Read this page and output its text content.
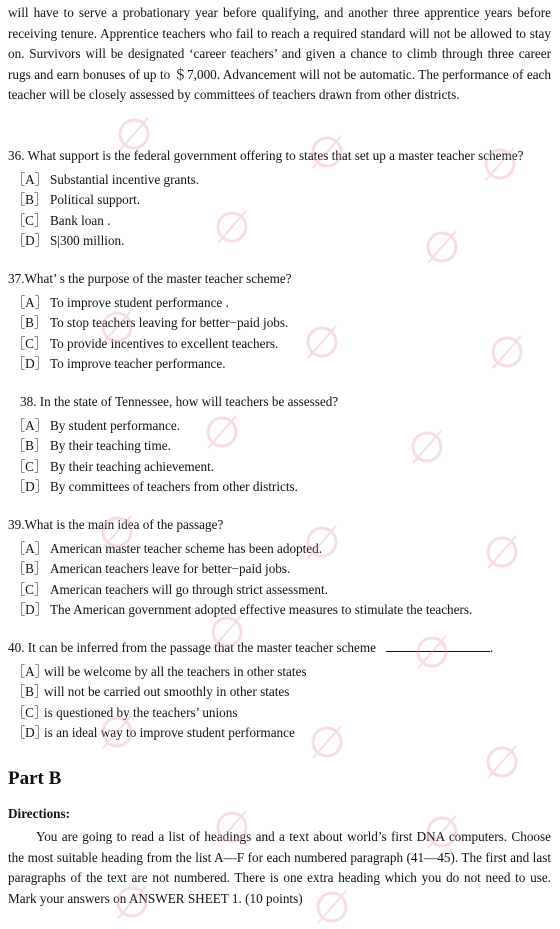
will have to serve a probationary year before qualifying, and another three apprentice years before receiving tenure. Apprentice teachers who fail to reach a required standard will not be allowed to stay on. Survivors will be designated ‘career teachers’ and given a chance to climb through three career rugs and earn bonuses of up to ＄7,000. Advancement will not be automatic. The performance of each teacher will be closely assessed by committees of teachers drawn from other districts.

36. What support is the federal government offering to states that set up a master teacher scheme?

［A］ Substantial incentive grants.

［B］ Political support.

［C］ Bank loan .

［D］ S|300 million.

37.What’ s the purpose of the master teacher scheme?

［A］ To improve student performance .

［B］ To stop teachers leaving for better−paid jobs.

［C］ To provide incentives to excellent teachers.

［D］ To improve teacher performance.

38. In the state of Tennessee, how will teachers be assessed?

［A］ By student performance.

［B］ By their teaching time.

［C］ By their teaching achievement.

［D］ By committees of teachers from other districts.

39.What is the main idea of the passage?

［A］ American master teacher scheme has been adopted.

［B］ American teachers leave for better−paid jobs.

［C］ American teachers will go through strict assessment.

［D］ The American government adopted effective measures to stimulate the teachers.

40. It can be inferred from the passage that the master teacher scheme	.

［A］will be welcome by all the teachers in other states

［B］will not be carried out smoothly in other states

［C］is questioned by the teachers’ unions

［D］is an ideal way to improve student performance

Part B

Directions:

You are going to read a list of headings and a text about world’s first DNA computers. Choose the most suitable heading from the list A—F for each numbered paragraph (41—45). The first and last paragraphs of the text are not numbered. There is one extra heading which you do not need to use. Mark your answers on ANSWER SHEET 1. (10 points)
